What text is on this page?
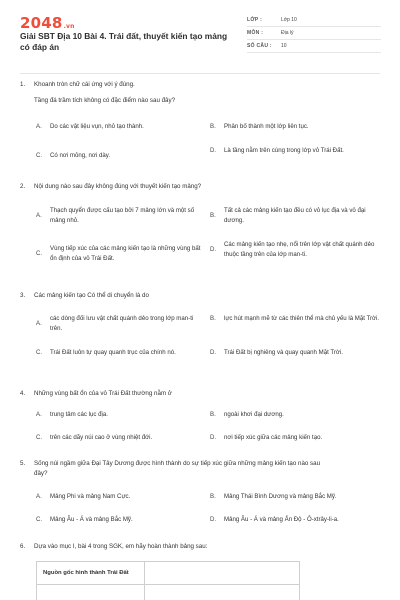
2048.vn
Giải SBT Địa 10 Bài 4. Trái đất, thuyết kiến tạo mảng có đáp án
LỚP :	Lớp 10
MÔN :	Địa lý
SỐ CÂU :	10
1.	Khoanh tròn chữ cái ứng với ý đúng.
Tầng đá trầm tích không có đặc điểm nào sau đây?
A.	Do các vật liệu vụn, nhỏ tạo thành.	B.	Phân bố thành một lớp liên tục.
C.	Có nơi mỏng, nơi dày.
D.	Là tầng nằm trên cùng trong lớp vỏ Trái Đất.
2.	Nội dung nào sau đây không đúng với thuyết kiến tạo mảng?
A.
Thạch quyển được cấu tạo bởi 7 mảng lớn và một số mảng nhỏ.
B.
Tất cả các mảng kiến tạo đều có vỏ lục địa và vỏ đại dương.
C.
Vùng tiếp xúc của các mảng kiến tạo là những vùng bất ổn định của vỏ Trái Đất.
D.
Các mảng kiến tạo nhẹ, nổi trên lớp vật chất quánh dẻo thuộc tầng trên của lớp man-ti.
3.	Các mảng kiến tạo Có thể di chuyển là do
A.
các dòng đối lưu vật chất quánh dẻo trong lớp man-ti trên.
B.	lực hút mạnh mẽ từ các thiên thể mà chủ yếu là Mặt Trời.
C.	Trái Đất luôn tự quay quanh trục của chính nó.	D.	Trái Đất bị nghiêng và quay quanh Mặt Trời.
4.	Những vùng bất ổn của vỏ Trái Đất thường nằm ở
A.	trung tâm các lục địa.	B.	ngoài khơi đại dương.
C.	trên các dãy núi cao ở vùng nhiệt đới.	D.	nơi tiếp xúc giữa các mảng kiến tạo.
5.	Sống núi ngầm giữa Đại Tây Dương được hình thành do sự tiếp xúc giữa những mảng kiến tạo nào sau đây?
A.	Mảng Phi và mảng Nam Cực.	B.	Mảng Thái Bình Dương và mảng Bắc Mỹ.
C.	Mảng Âu - Á và mảng Bắc Mỹ.	D.	Mảng Âu - Á và mảng Ấn Độ - Ô-xtrây-li-a.
6.	Dựa vào mục I, bài 4 trong SGK, em hãy hoàn thành bảng sau:
Nguồn gốc hình thành Trái Đất	
